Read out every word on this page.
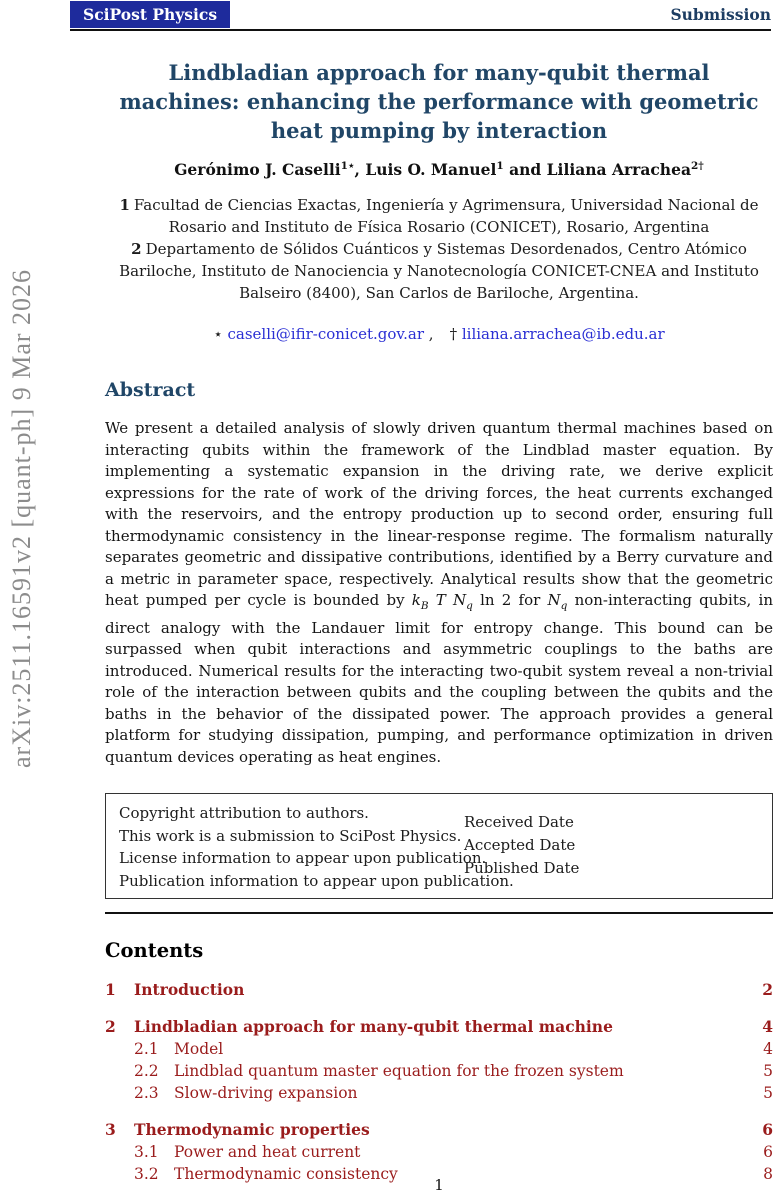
arXiv:2511.16591v2 [quant-ph] 9 Mar 2026
SciPost Physics	Submission
Lindbladian approach for many-qubit thermal machines: enhancing the performance with geometric heat pumping by interaction

Gerónimo J. Caselli$^{1⋆}$, Luis O. Manuel$^1$ and Liliana Arrachea$^{2\dagger}$

1 Facultad de Ciencias Exactas, Ingeniería y Agrimensura, Universidad Nacional de Rosario and Instituto de Física Rosario (CONICET), Rosario, Argentina

2 Departamento de Sólidos Cuánticos y Sistemas Desordenados, Centro Atómico Bariloche, Instituto de Nanociencia y Nanotecnología CONICET-CNEA and Instituto Balseiro (8400), San Carlos de Bariloche, Argentina.

⋆ caselli@ifir-conicet.gov.ar , † liliana.arrachea@ib.edu.ar

Abstract

We present a detailed analysis of slowly driven quantum thermal machines based on interacting qubits within the framework of the Lindblad master equation. By implementing a systematic expansion in the driving rate, we derive explicit expressions for the rate of work of the driving forces, the heat currents exchanged with the reservoirs, and the entropy production up to second order, ensuring full thermodynamic consistency in the linear-response regime. The formalism naturally separates geometric and dissipative contributions, identified by a Berry curvature and a metric in parameter space, respectively. Analytical results show that the geometric heat pumped per cycle is bounded by $k_B$ T $N_q$ ln 2 for $N_q$ non-interacting qubits, in direct analogy with the Landauer limit for entropy change. This bound can be surpassed when qubit interactions and asymmetric couplings to the baths are introduced. Numerical results for the interacting two-qubit system reveal a non-trivial role of the interaction between qubits and the coupling between the qubits and the baths in the behavior of the dissipated power. The approach provides a general platform for studying dissipation, pumping, and performance optimization in driven quantum devices operating as heat engines.

Copyright attribution to authors.
This work is a submission to SciPost Physics.
License information to appear upon publication.
Publication information to appear upon publication.
Received Date
Accepted Date
Published Date
Contents
1	Introduction	2
2	Lindbladian approach for many-qubit thermal machine	4
2.1 Model	4
2.2 Lindblad quantum master equation for the frozen system	5
2.3 Slow-driving expansion	5
3	Thermodynamic properties	6
3.1 Power and heat current	6
3.2 Thermodynamic consistency	8
1
